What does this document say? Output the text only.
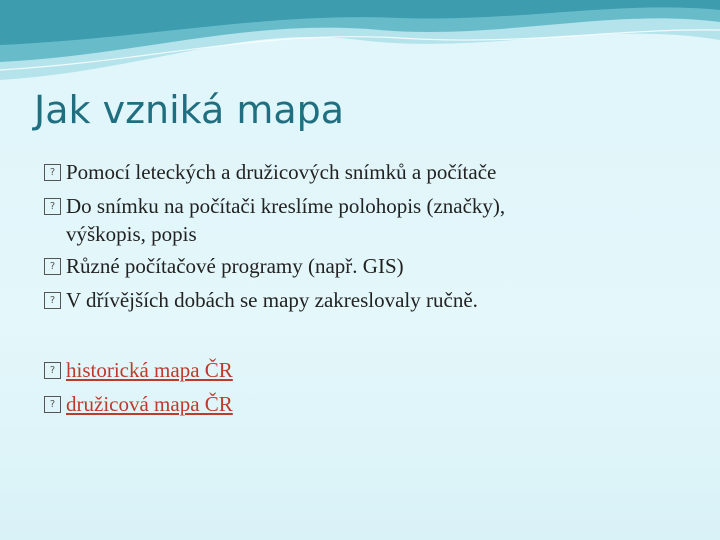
Jak vzniká mapa

? Pomocí leteckých a družicových snímků a počítače

? Do snímku na počítači kreslíme polohopis (značky),

výškopis, popis

? Různé počítačové programy (např. GIS)

? V dřívějších dobách se mapy zakreslovaly ručně.

? historická mapa ČR

? družicová mapa ČR
